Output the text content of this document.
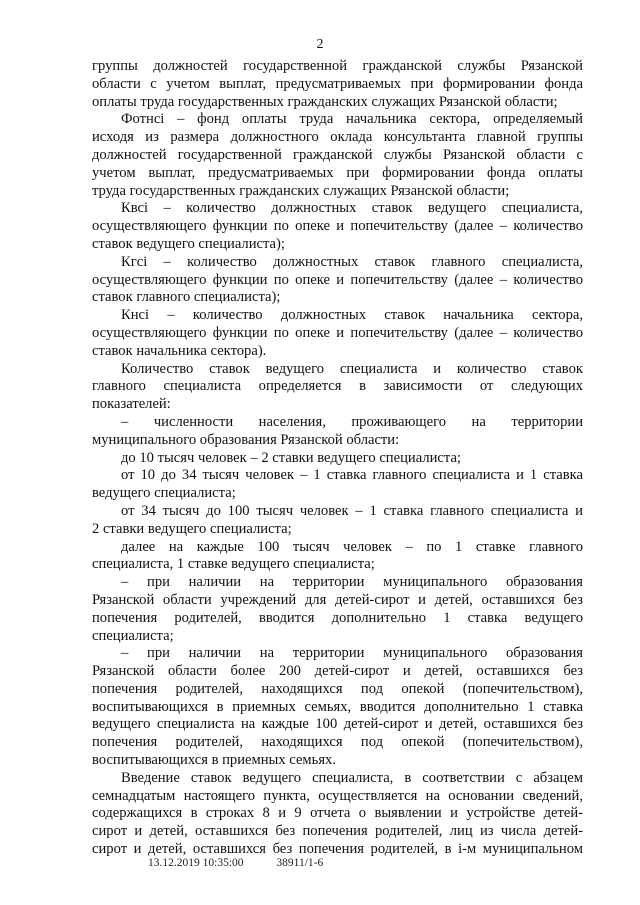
2
группы должностей государственной гражданской службы Рязанской
области с учетом выплат, предусматриваемых при формировании фонда
оплаты труда государственных гражданских служащих Рязанской области;
Фотнсі – фонд оплаты труда начальника сектора, определяемый
исходя из размера должностного оклада консультанта главной группы
должностей государственной гражданской службы Рязанской области с
учетом выплат, предусматриваемых при формировании фонда оплаты
труда государственных гражданских служащих Рязанской области;
Квсі – количество должностных ставок ведущего специалиста,
осуществляющего функции по опеке и попечительству (далее – количество
ставок ведущего специалиста);
Кгсі – количество должностных ставок главного специалиста,
осуществляющего функции по опеке и попечительству (далее – количество
ставок главного специалиста);
Кнсі – количество должностных ставок начальника сектора,
осуществляющего функции по опеке и попечительству (далее – количество
ставок начальника сектора).
Количество ставок ведущего специалиста и количество ставок
главного специалиста определяется в зависимости от следующих
показателей:
– численности населения, проживающего на территории
муниципального образования Рязанской области:
до 10 тысяч человек – 2 ставки ведущего специалиста;
от 10 до 34 тысяч человек – 1 ставка главного специалиста и 1 ставка
ведущего специалиста;
от 34 тысяч до 100 тысяч человек – 1 ставка главного специалиста и
2 ставки ведущего специалиста;
далее на каждые 100 тысяч человек – по 1 ставке главного
специалиста, 1 ставке ведущего специалиста;
– при наличии на территории муниципального образования
Рязанской области учреждений для детей-сирот и детей, оставшихся без
попечения родителей, вводится дополнительно 1 ставка ведущего
специалиста;
– при наличии на территории муниципального образования
Рязанской области более 200 детей-сирот и детей, оставшихся без
попечения родителей, находящихся под опекой (попечительством),
воспитывающихся в приемных семьях, вводится дополнительно 1 ставка
ведущего специалиста на каждые 100 детей-сирот и детей, оставшихся без
попечения родителей, находящихся под опекой (попечительством),
воспитывающихся в приемных семьях.
Введение ставок ведущего специалиста, в соответствии с абзацем
семнадцатым настоящего пункта, осуществляется на основании сведений,
содержащихся в строках 8 и 9 отчета о выявлении и устройстве детей-
сирот и детей, оставшихся без попечения родителей, лиц из числа детей-
сирот и детей, оставшихся без попечения родителей, в і-м муниципальном
13.12.2019 10:35:00	38911/1-6
